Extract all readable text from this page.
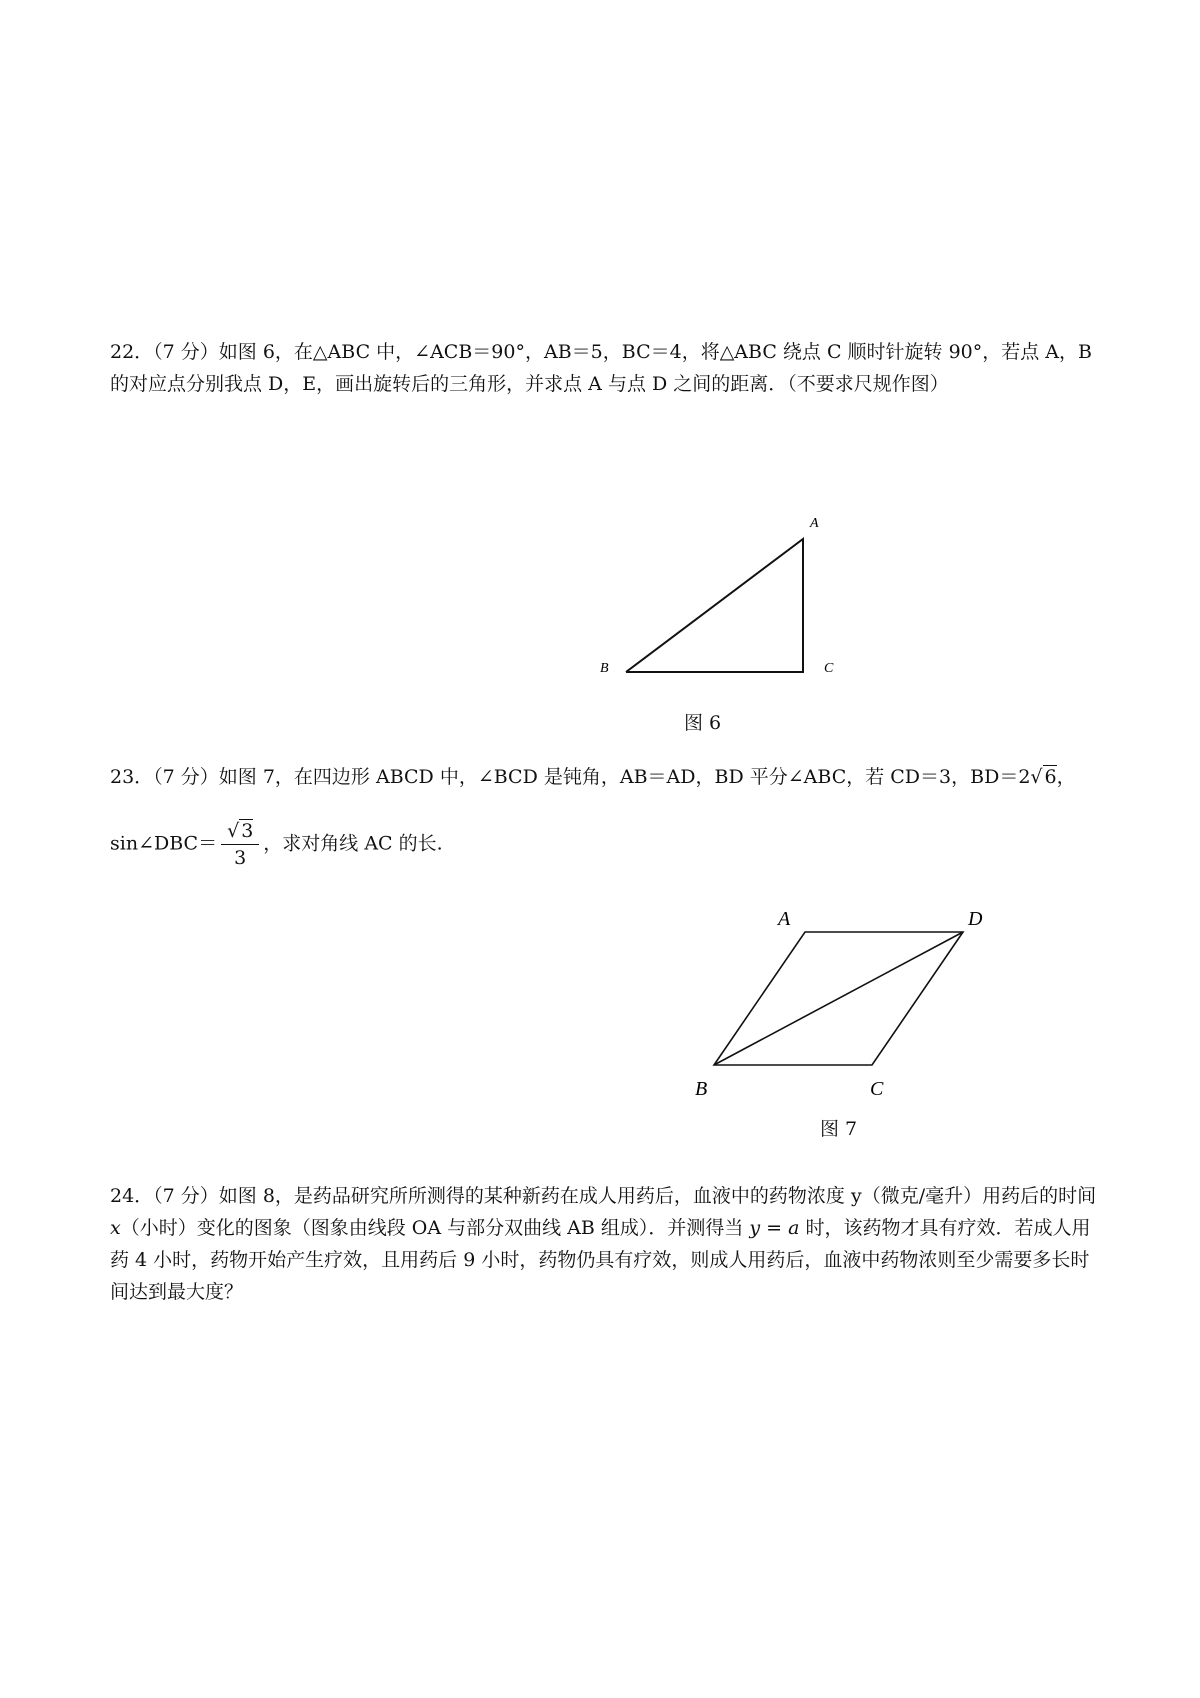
22．（7 分）如图 6，在△ABC 中，∠ACB＝90°，AB＝5，BC＝4，将△ABC 绕点 C 顺时针旋转 90°，若点 A，B 的对应点分别我点 D，E，画出旋转后的三角形，并求点 A 与点 D 之间的距离．（不要求尺规作图）

A
B	C
图 6
23．（7 分）如图 7，在四边形 ABCD 中，∠BCD 是钝角，AB＝AD，BD 平分∠ABC，若 CD＝3，BD＝2√ 6，
sin∠DBC＝ $\frac{√ 3}{3}$ ，求对角线 AC 的长.
A	D
B	C
图 7

24．（7 分）如图 8，是药品研究所所测得的某种新药在成人用药后，血液中的药物浓度 y（微克/毫升）用药后的时间 x（小时）变化的图象（图象由线段 OA 与部分双曲线 AB 组成）．并测得当 y = a 时，该药物才具有疗效．若成人用药 4 小时，药物开始产生疗效，且用药后 9 小时，药物仍具有疗效，则成人用药后，血液中药物浓则至少需要多长时间达到最大度？
